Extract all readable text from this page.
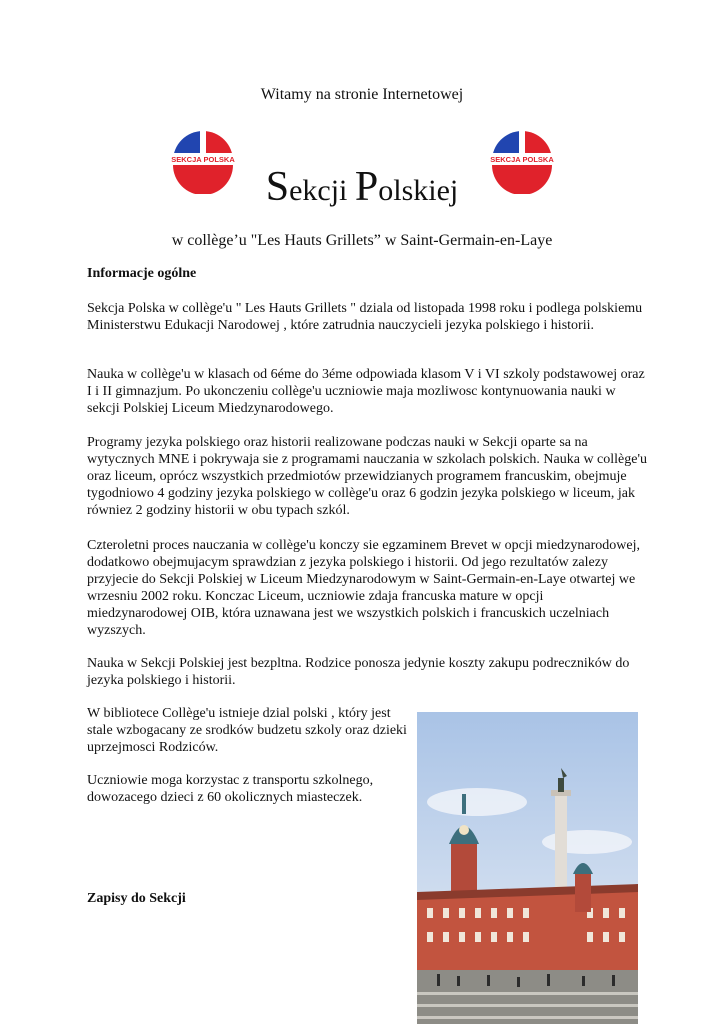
Witamy na stronie Internetowej
SEKCJA POLSKA	SEKCJA POLSKA
Sekcji Polskiej
w collège’u "Les Hauts Grillets” w Saint-Germain-en-Laye
Informacje ogólne
Sekcja Polska w collège'u " Les Hauts Grillets " dziala od listopada 1998 roku i podlega polskiemu Ministerstwu Edukacji Narodowej , które zatrudnia nauczycieli jezyka polskiego i historii.
Nauka w collège'u w klasach od 6éme do 3éme odpowiada klasom V i VI szkoly podstawowej oraz I i II gimnazjum. Po ukonczeniu collège'u uczniowie maja mozliwosc kontynuowania nauki w sekcji Polskiej Liceum Miedzynarodowego.
Programy jezyka polskiego oraz historii realizowane podczas nauki w Sekcji oparte sa na wytycznych MNE i pokrywaja sie z programami nauczania w szkolach polskich. Nauka w collège'u oraz liceum, oprócz wszystkich przedmiotów przewidzianych programem francuskim, obejmuje tygodniowo 4 godziny jezyka polskiego w collège'u oraz 6 godzin jezyka polskiego w liceum, jak równiez 2 godziny historii w obu typach szkól.
Czteroletni proces nauczania w collège'u konczy sie egzaminem Brevet w opcji miedzynarodowej, dodatkowo obejmujacym sprawdzian z jezyka polskiego i historii. Od jego rezultatów zalezy przyjecie do Sekcji Polskiej w Liceum Miedzynarodowym w Saint-Germain-en-Laye otwartej we wrzesniu 2002 roku. Konczac Liceum, uczniowie zdaja francuska mature w opcji miedzynarodowej OIB, która uznawana jest we wszystkich polskich i francuskich uczelniach wyzszych.
Nauka w Sekcji Polskiej jest bezpltna. Rodzice ponosza jedynie koszty zakupu podreczników do jezyka polskiego i historii.
W bibliotece Collège'u istnieje dzial polski , który jest stale wzbogacany ze srodków budzetu szkoly oraz dzieki uprzejmosci Rodziców.
Uczniowie moga korzystac z transportu szkolnego, dowozacego dzieci z 60 okolicznych miasteczek.
Zapisy do Sekcji
